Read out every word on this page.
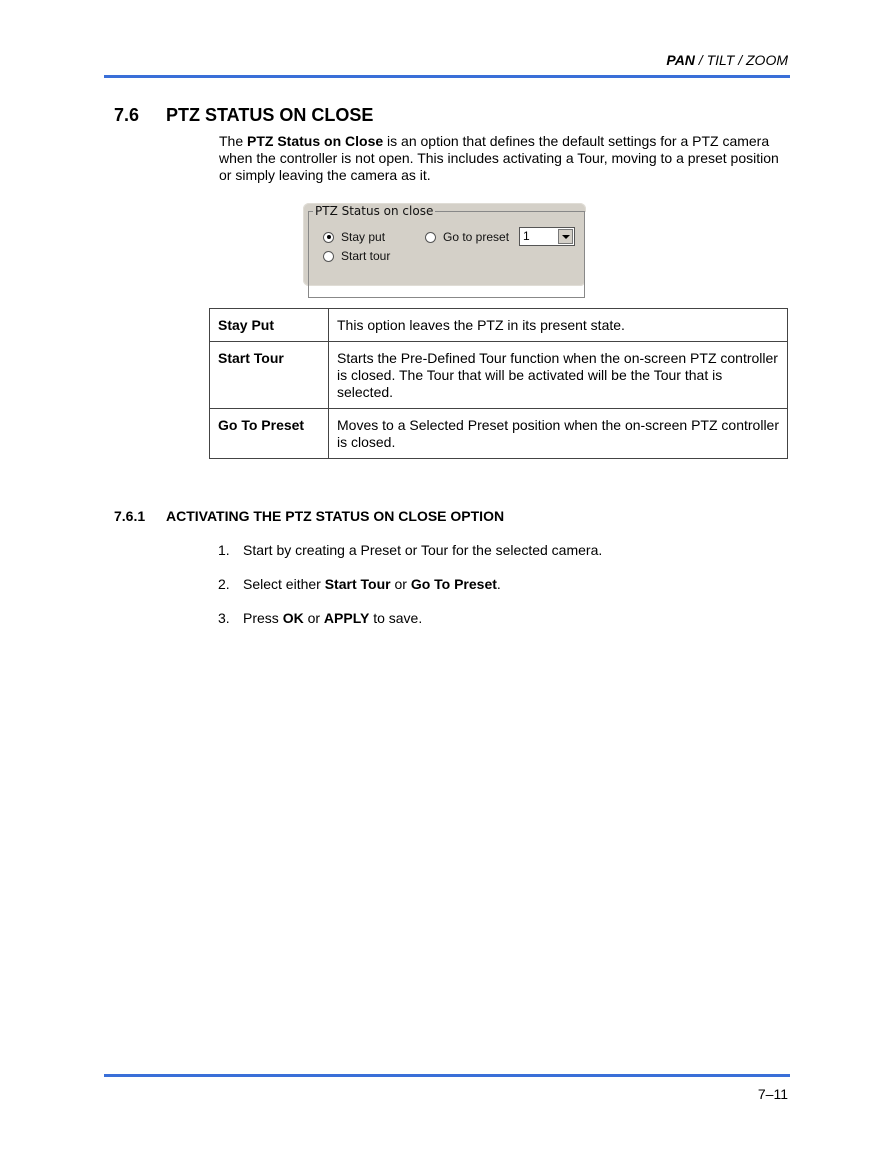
PAN / TILT / ZOOM
7.6 PTZ STATUS ON CLOSE
The PTZ Status on Close is an option that defines the default settings for a PTZ camera when the controller is not open. This includes activating a Tour, moving to a preset position or simply leaving the camera as it.
PTZ Status on close
Stay put
Start tour
Go to preset 1
Stay Put	This option leaves the PTZ in its present state.
Start Tour	Starts the Pre-Defined Tour function when the on-screen PTZ controller is closed. The Tour that will be activated will be the Tour that is selected.
Go To Preset	Moves to a Selected Preset position when the on-screen PTZ controller is closed.
7.6.1 ACTIVATING THE PTZ STATUS ON CLOSE OPTION
1. Start by creating a Preset or Tour for the selected camera.
2. Select either Start Tour or Go To Preset.
3. Press OK or APPLY to save.
7–11
